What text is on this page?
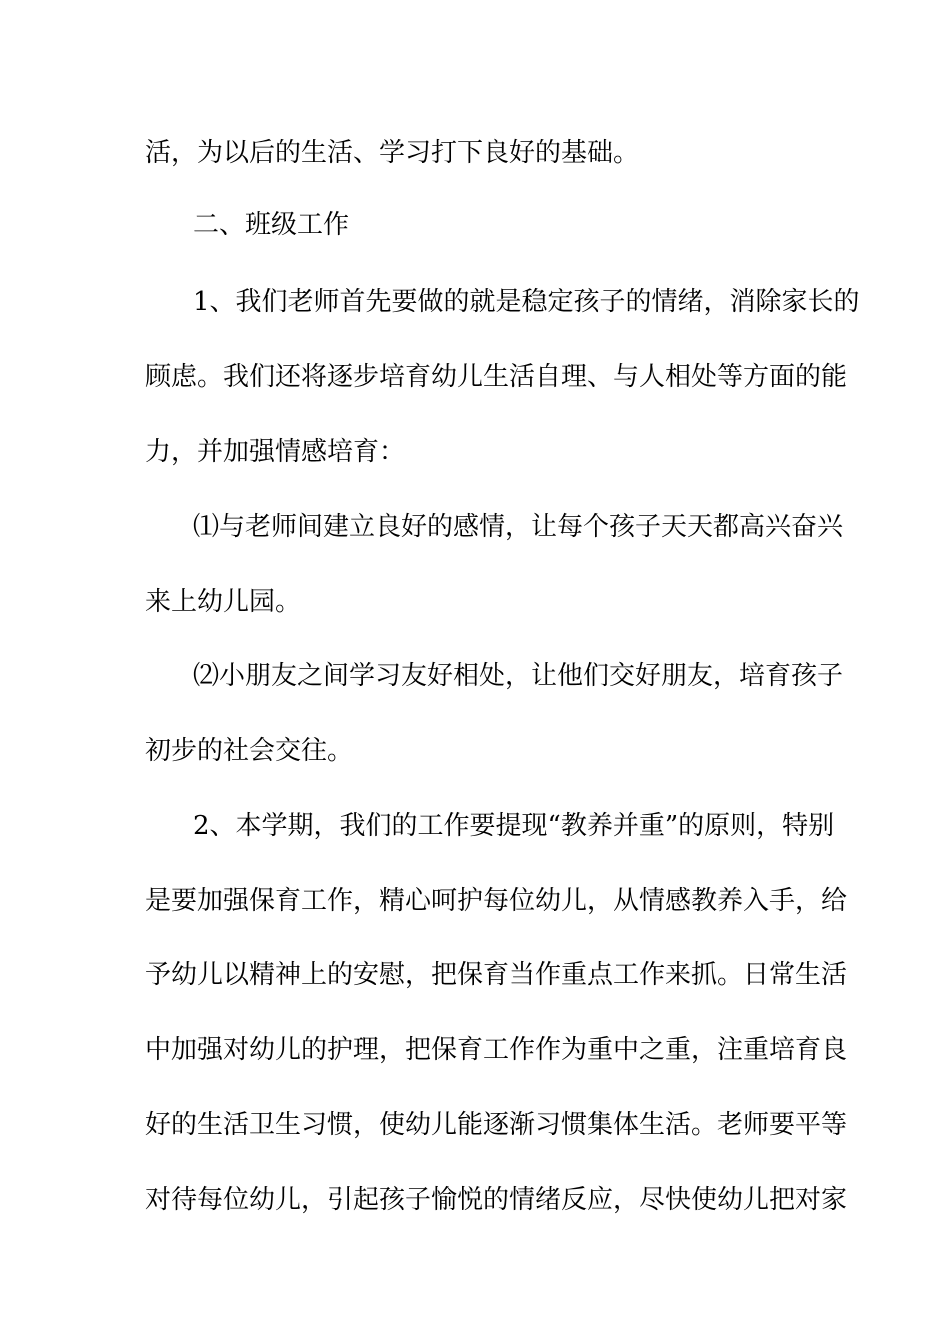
活，为以后的生活、学习打下良好的基础。
二、班级工作
1、我们老师首先要做的就是稳定孩子的情绪，消除家长的
顾虑。我们还将逐步培育幼儿生活自理、与人相处等方面的能
力，并加强情感培育：
⑴与老师间建立良好的感情，让每个孩子天天都高兴奋兴
来上幼儿园。
⑵小朋友之间学习友好相处，让他们交好朋友，培育孩子
初步的社会交往。
2、本学期，我们的工作要提现“教养并重”的原则，特别
是要加强保育工作，精心呵护每位幼儿，从情感教养入手，给
予幼儿以精神上的安慰，把保育当作重点工作来抓。日常生活
中加强对幼儿的护理，把保育工作作为重中之重，注重培育良
好的生活卫生习惯，使幼儿能逐渐习惯集体生活。老师要平等
对待每位幼儿，引起孩子愉悦的情绪反应，尽快使幼儿把对家
